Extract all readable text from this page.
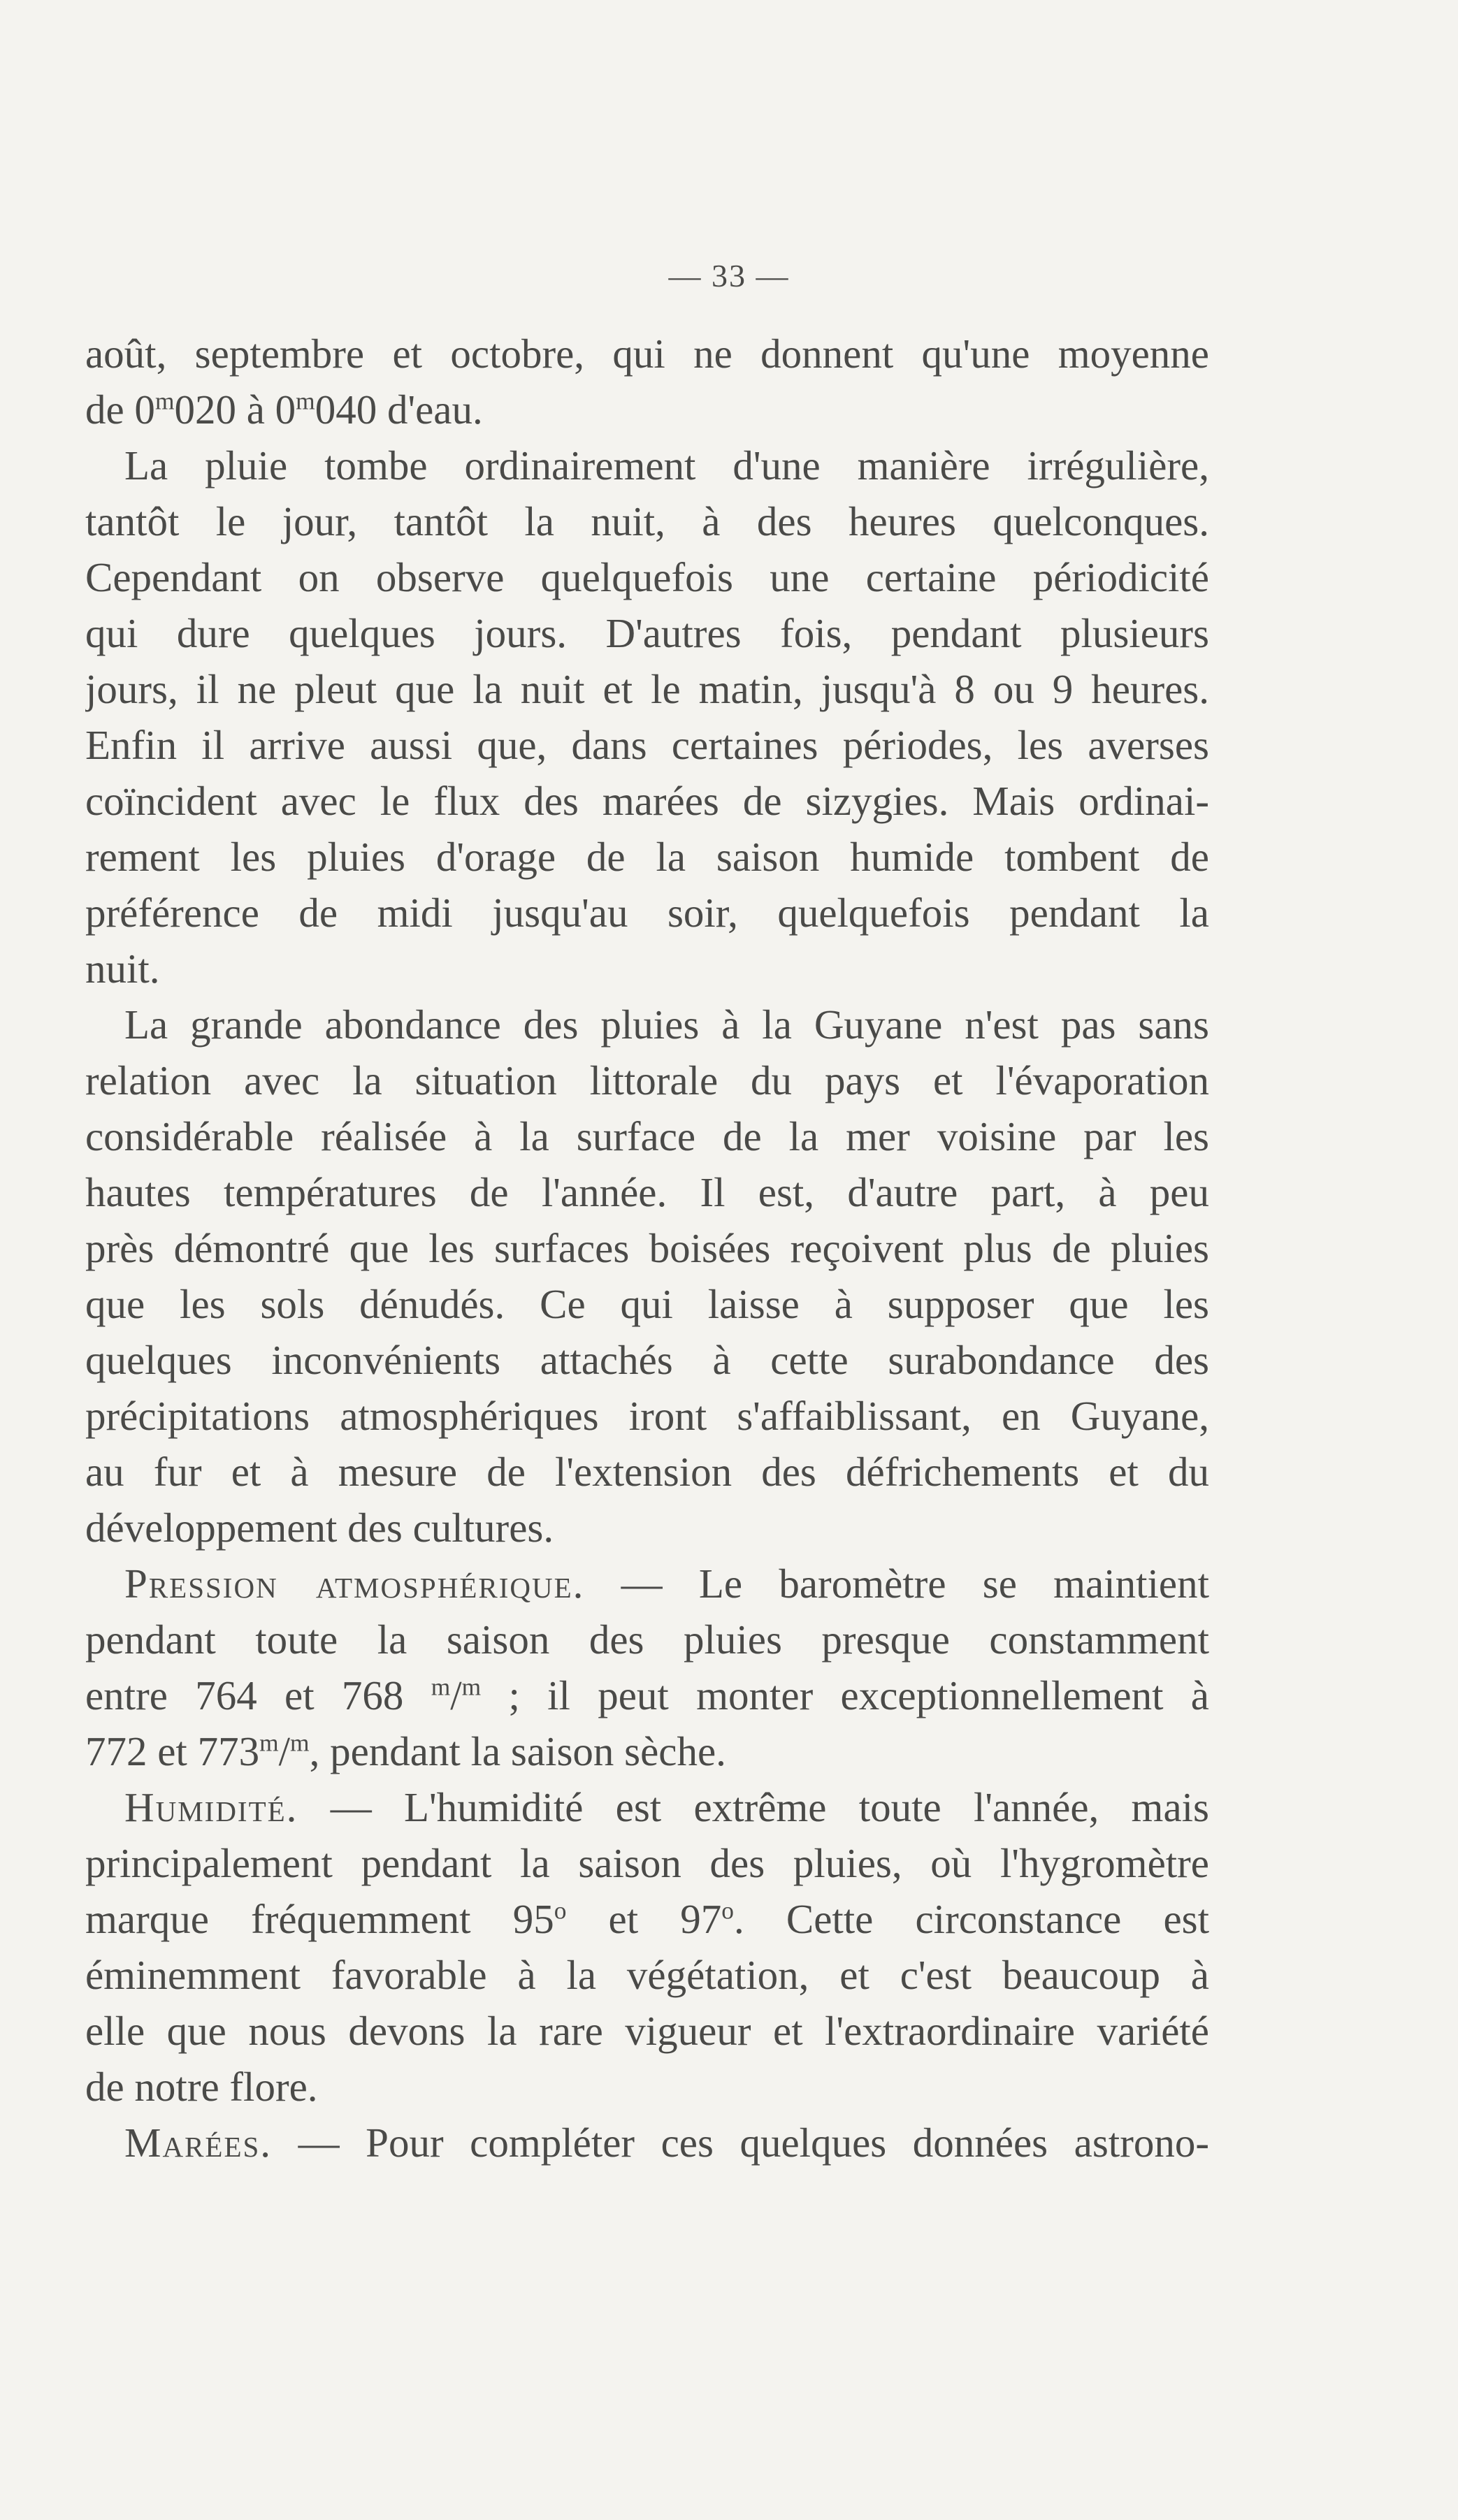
— 33 —
août, septembre et octobre, qui ne donnent qu'une moyenne
de 0$^m$020 à 0$^m$040 d'eau.
La pluie tombe ordinairement d'une manière irrégulière,
tantôt le jour, tantôt la nuit, à des heures quelconques.
Cependant on observe quelquefois une certaine périodicité
qui dure quelques jours. D'autres fois, pendant plusieurs
jours, il ne pleut que la nuit et le matin, jusqu'à 8 ou 9 heures.
Enfin il arrive aussi que, dans certaines périodes, les averses
coïncident avec le flux des marées de sizygies. Mais ordinai-
rement les pluies d'orage de la saison humide tombent de
préférence de midi jusqu'au soir, quelquefois pendant la
nuit.
La grande abondance des pluies à la Guyane n'est pas sans
relation avec la situation littorale du pays et l'évaporation
considérable réalisée à la surface de la mer voisine par les
hautes températures de l'année. Il est, d'autre part, à peu
près démontré que les surfaces boisées reçoivent plus de pluies
que les sols dénudés. Ce qui laisse à supposer que les
quelques inconvénients attachés à cette surabondance des
précipitations atmosphériques iront s'affaiblissant, en Guyane,
au fur et à mesure de l'extension des défrichements et du
développement des cultures.
Pression atmosphérique. — Le baromètre se maintient
pendant toute la saison des pluies presque constamment
entre 764 et 768 $^m$/$^m$ ; il peut monter exceptionnellement à
772 et 773$^m$/$^m$, pendant la saison sèche.
Humidité. — L'humidité est extrême toute l'année, mais
principalement pendant la saison des pluies, où l'hygromètre
marque fréquemment 95$^o$ et 97$^o$. Cette circonstance est
éminemment favorable à la végétation, et c'est beaucoup à
elle que nous devons la rare vigueur et l'extraordinaire variété
de notre flore.
Marées. — Pour compléter ces quelques données astrono-
